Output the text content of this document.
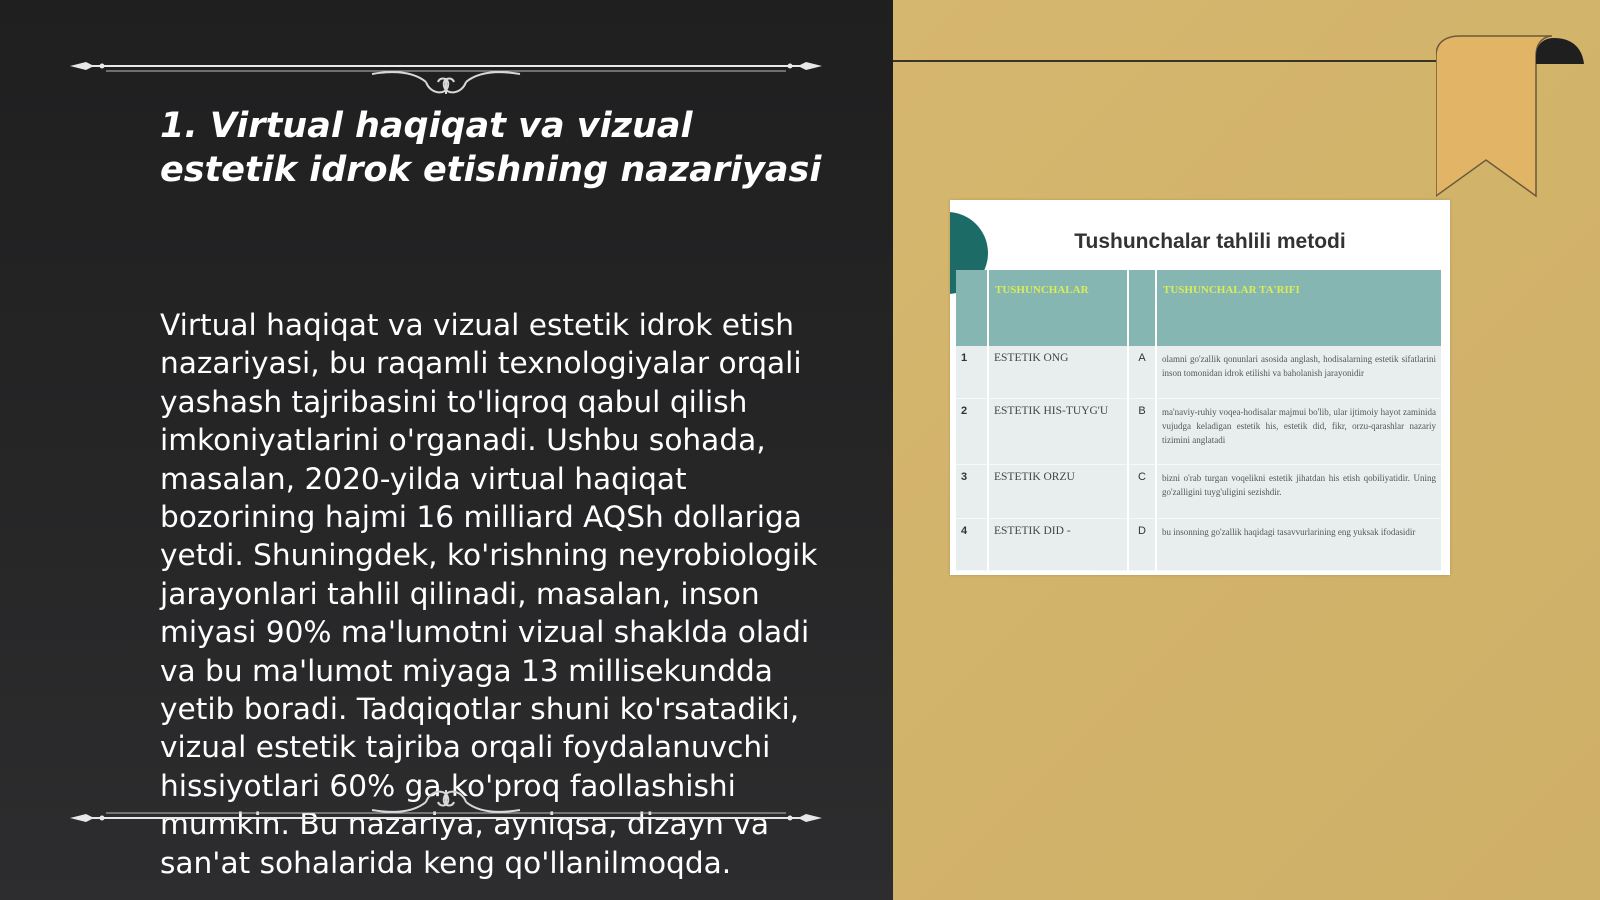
1. Virtual haqiqat va vizual estetik idrok etishning nazariyasi

Virtual haqiqat va vizual estetik idrok etish nazariyasi, bu raqamli texnologiyalar orqali yashash tajribasini to'liqroq qabul qilish imkoniyatlarini o'rganadi. Ushbu sohada, masalan, 2020-yilda virtual haqiqat bozorining hajmi 16 milliard AQSh dollariga yetdi. Shuningdek, ko'rishning neyrobiologik jarayonlari tahlil qilinadi, masalan, inson miyasi 90% ma'lumotni vizual shaklda oladi va bu ma'lumot miyaga 13 millisekundda yetib boradi. Tadqiqotlar shuni ko'rsatadiki, vizual estetik tajriba orqali foydalanuvchi hissiyotlari 60% ga ko'proq faollashishi mumkin. Bu nazariya, ayniqsa, dizayn va san'at sohalarida keng qo'llanilmoqda.

Tushunchalar tahlili metodi
	TUSHUNCHALAR		TUSHUNCHALAR TA'RIFI
1	ESTETIK ONG	A	olamni go'zallik qonunlari asosida anglash, hodisalarning estetik sifatlarini inson tomonidan idrok etilishi va baholanish jarayonidir
2	ESTETIK HIS-TUYG'U	B	ma'naviy-ruhiy voqea-hodisalar majmui bo'lib, ular ijtimoiy hayot zaminida vujudga keladigan estetik his, estetik did, fikr, orzu-qarashlar nazariy tizimini anglatadi
3	ESTETIK ORZU	C	bizni o'rab turgan voqelikni estetik jihatdan his etish qobiliyatidir. Uning go'zalligini tuyg'uligini sezishdir.
4	ESTETIK DID -	D	bu insonning go'zallik haqidagi tasavvurlarining eng yuksak ifodasidir
